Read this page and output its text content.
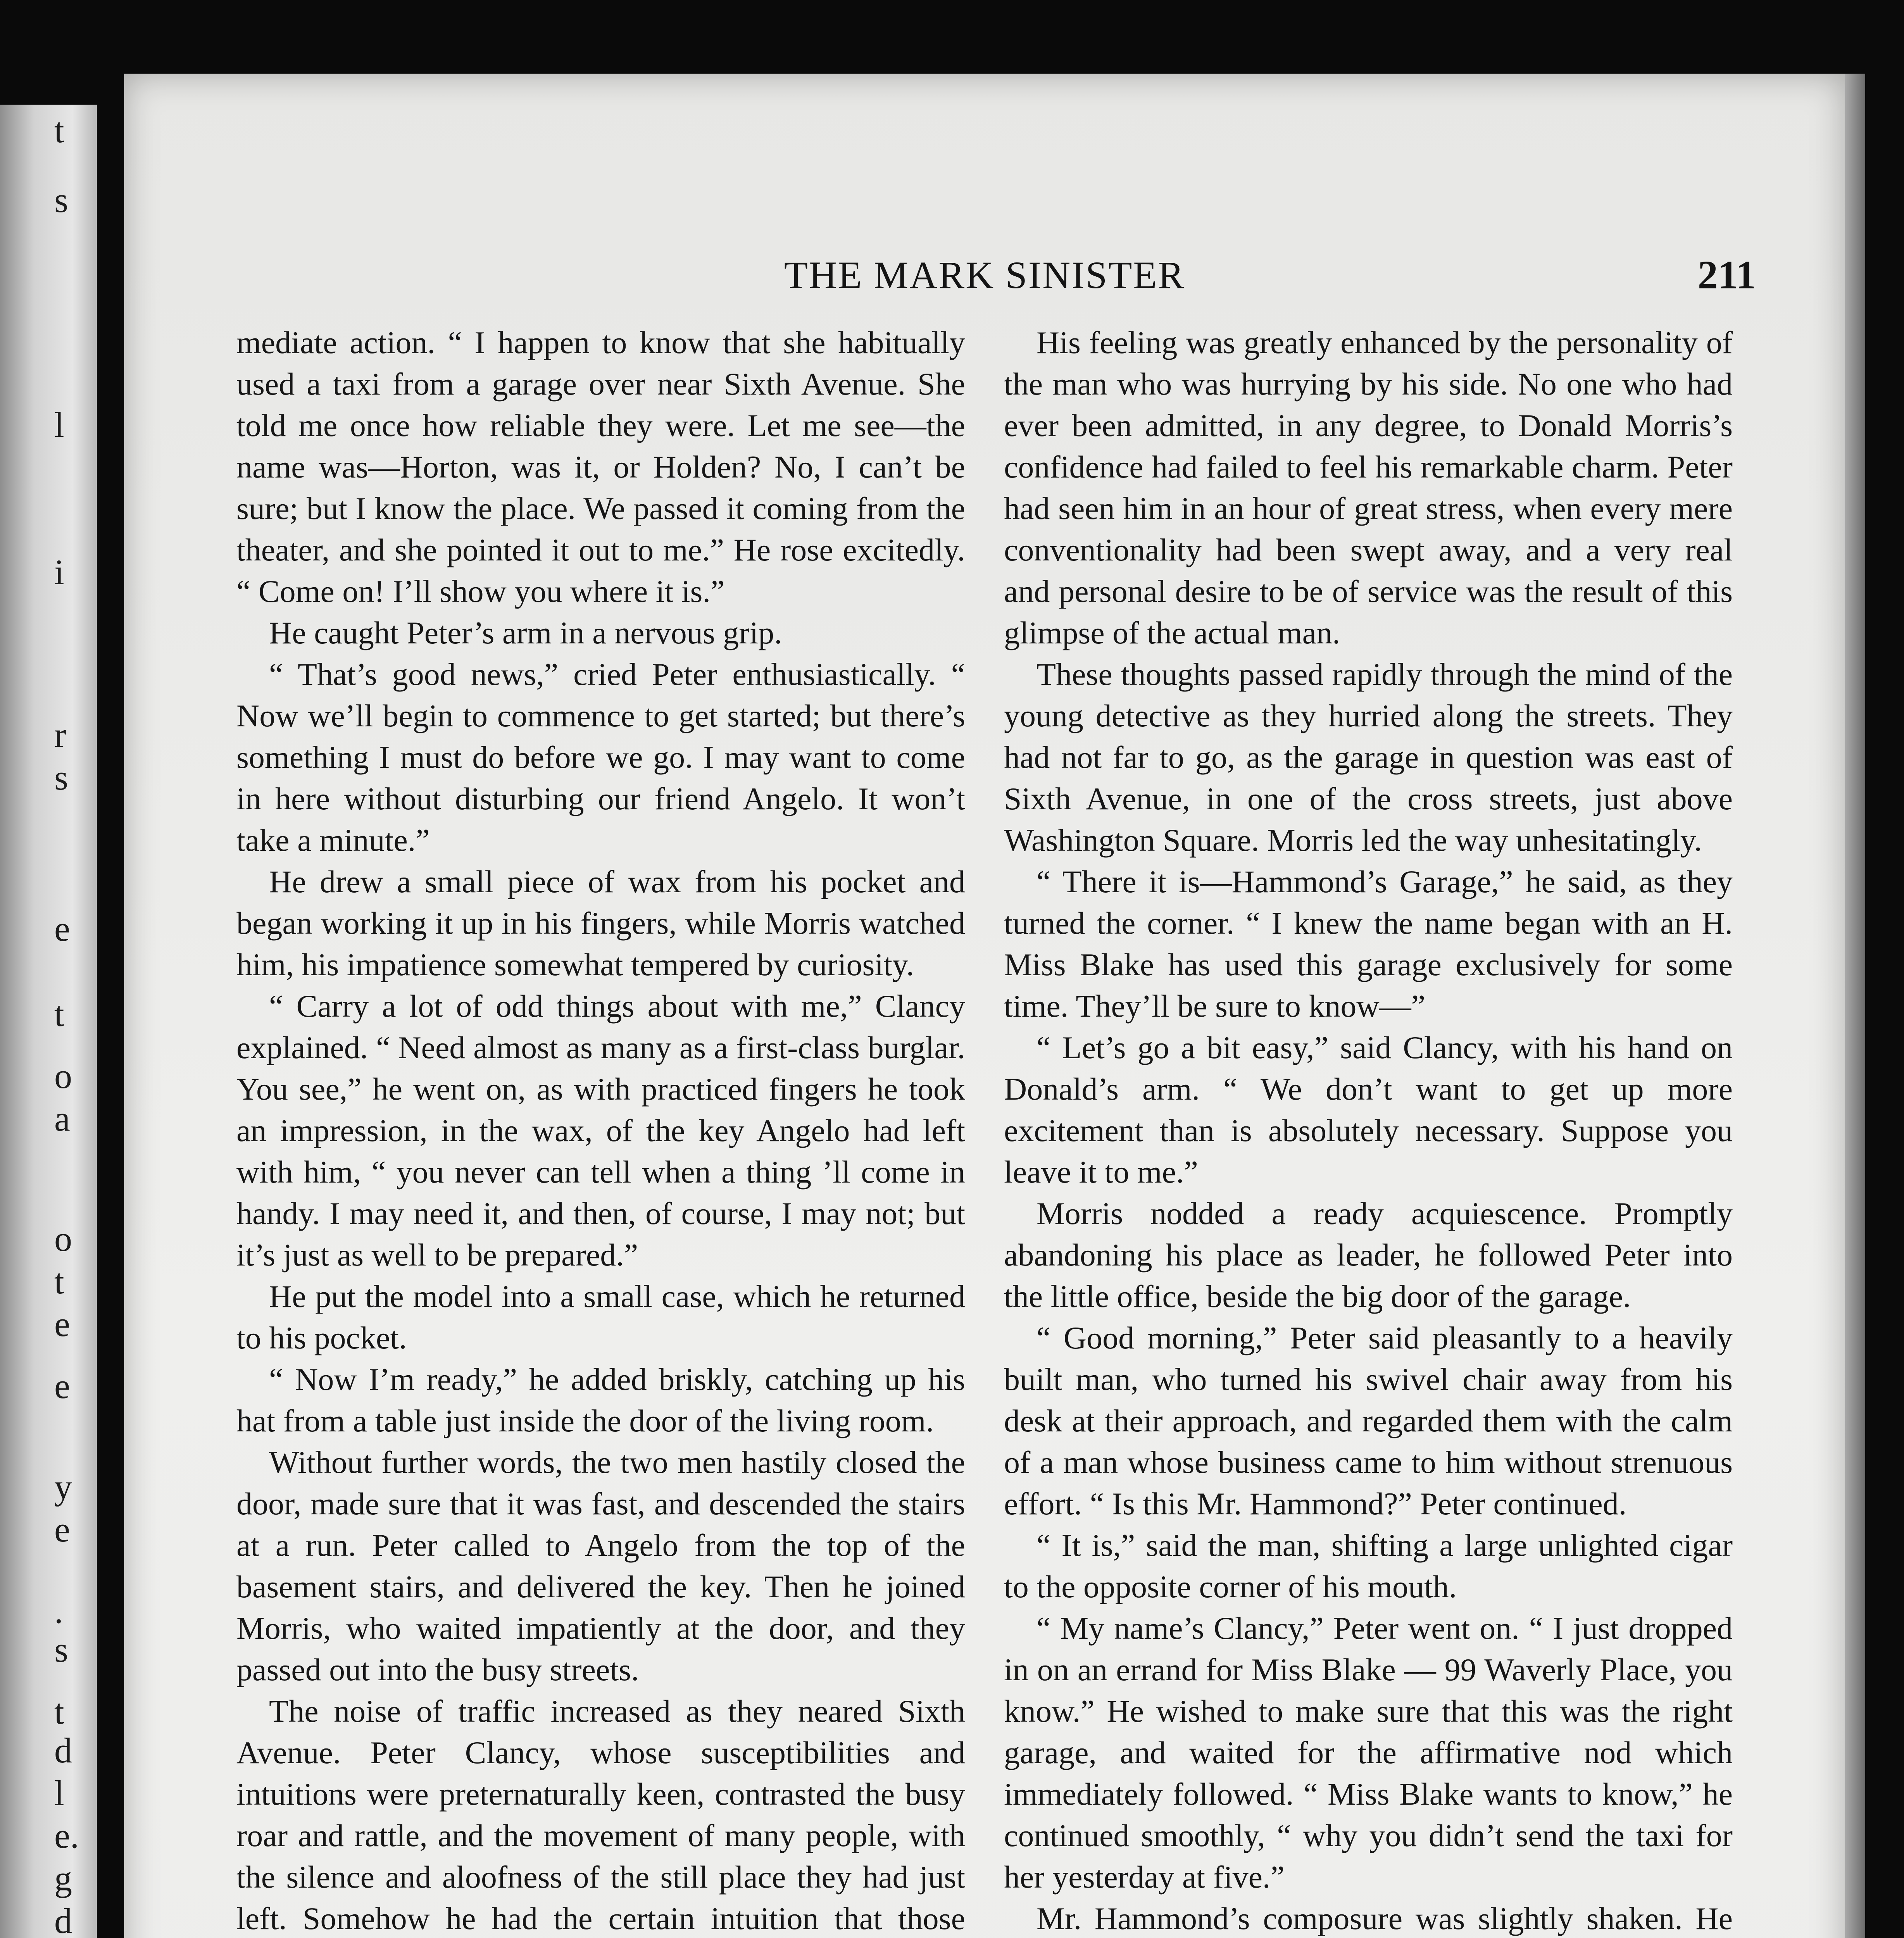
t
s
l
i
r
s
e
t
o
a
o
t
e
e
y
e
.
s
t
d
l
e.
g
d
THE MARK SINISTER	211

mediate action. “ I happen to know that she habitually used a taxi from a garage over near Sixth Avenue. She told me once how reliable they were. Let me see—the name was—Horton, was it, or Holden? No, I can’t be sure; but I know the place. We passed it coming from the theater, and she pointed it out to me.” He rose excitedly. “ Come on! I’ll show you where it is.”

He caught Peter’s arm in a nervous grip.

“ That’s good news,” cried Peter enthusiastically. “ Now we’ll begin to commence to get started; but there’s something I must do before we go. I may want to come in here without disturbing our friend Angelo. It won’t take a minute.”

He drew a small piece of wax from his pocket and began working it up in his fingers, while Morris watched him, his impatience somewhat tempered by curiosity.

“ Carry a lot of odd things about with me,” Clancy explained. “ Need almost as many as a first-class burglar. You see,” he went on, as with practiced fingers he took an impression, in the wax, of the key Angelo had left with him, “ you never can tell when a thing ’ll come in handy. I may need it, and then, of course, I may not; but it’s just as well to be prepared.”

He put the model into a small case, which he returned to his pocket.

“ Now I’m ready,” he added briskly, catching up his hat from a table just inside the door of the living room.

Without further words, the two men hastily closed the door, made sure that it was fast, and descended the stairs at a run. Peter called to Angelo from the top of the basement stairs, and delivered the key. Then he joined Morris, who waited impatiently at the door, and they passed out into the busy streets.

The noise of traffic increased as they neared Sixth Avenue. Peter Clancy, whose susceptibilities and intuitions were preternaturally keen, contrasted the busy roar and rattle, and the movement of many people, with the silence and aloofness of the still place they had just left. Somehow he had the certain intuition that those

His feeling was greatly enhanced by the personality of the man who was hurrying by his side. No one who had ever been admitted, in any degree, to Donald Morris’s confidence had failed to feel his remarkable charm. Peter had seen him in an hour of great stress, when every mere conventionality had been swept away, and a very real and personal desire to be of service was the result of this glimpse of the actual man.

These thoughts passed rapidly through the mind of the young detective as they hurried along the streets. They had not far to go, as the garage in question was east of Sixth Avenue, in one of the cross streets, just above Washington Square. Morris led the way unhesitatingly.

“ There it is—Hammond’s Garage,” he said, as they turned the corner. “ I knew the name began with an H. Miss Blake has used this garage exclusively for some time. They’ll be sure to know—”

“ Let’s go a bit easy,” said Clancy, with his hand on Donald’s arm. “ We don’t want to get up more excitement than is absolutely necessary. Suppose you leave it to me.”

Morris nodded a ready acquiescence. Promptly abandoning his place as leader, he followed Peter into the little office, beside the big door of the garage.

“ Good morning,” Peter said pleasantly to a heavily built man, who turned his swivel chair away from his desk at their approach, and regarded them with the calm of a man whose business came to him without strenuous effort. “ Is this Mr. Hammond?” Peter continued.

“ It is,” said the man, shifting a large unlighted cigar to the opposite corner of his mouth.

“ My name’s Clancy,” Peter went on. “ I just dropped in on an errand for Miss Blake — 99 Waverly Place, you know.” He wished to make sure that this was the right garage, and waited for the affirmative nod which immediately followed. “ Miss Blake wants to know,” he continued smoothly, “ why you didn’t send the taxi for her yesterday at five.”

Mr. Hammond’s composure was slightly shaken. He
